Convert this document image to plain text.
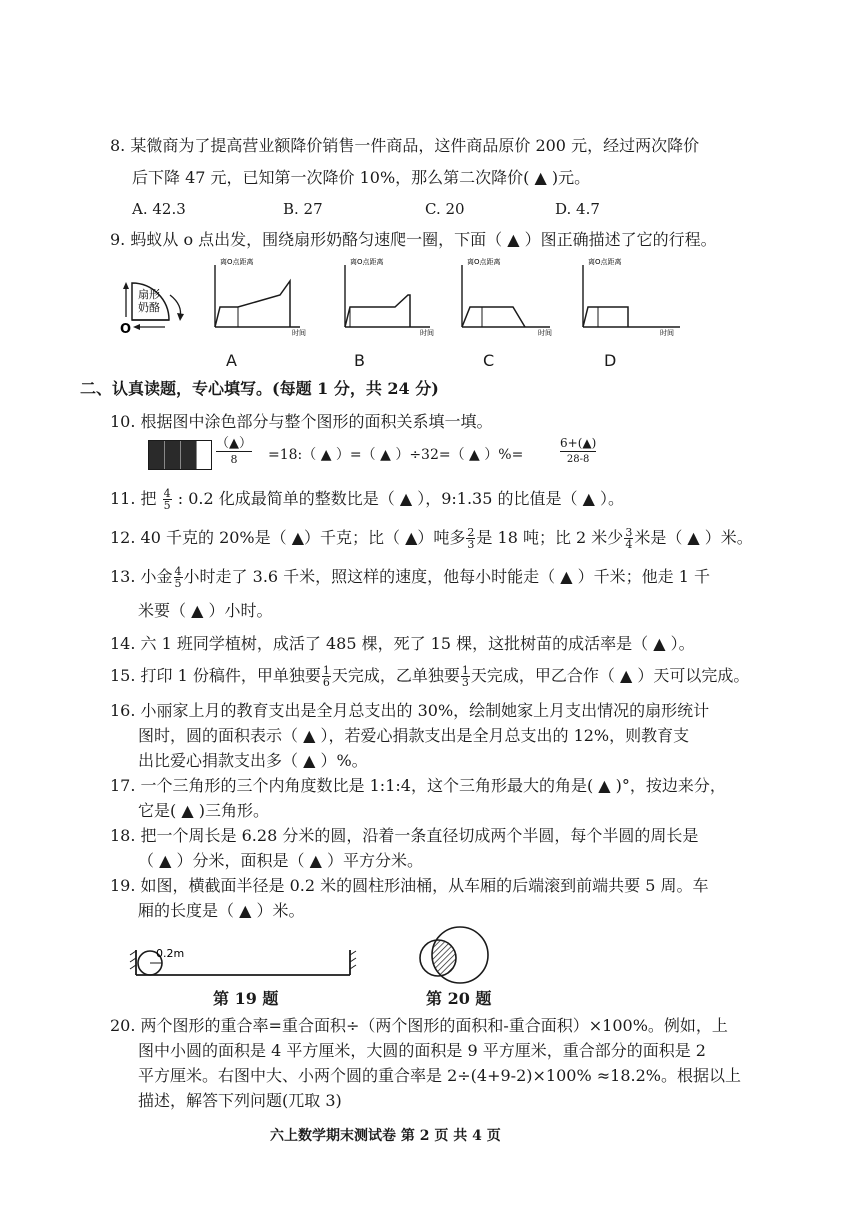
8. 某微商为了提高营业额降价销售一件商品，这件商品原价 200 元，经过两次降价
后下降 47 元，已知第一次降价 10%，那么第二次降价( ▲ )元。
A. 42.3	B. 27	C. 20	D. 4.7
9. 蚂蚁从 o 点出发，围绕扇形奶酪匀速爬一圈，下面（ ▲ ）图正确描述了它的行程。
扇形
奶酪
O
离O点距离
时间
离O点距离
时间
离O点距离
时间
离O点距离
时间
A	B	C	D
二、认真读题，专心填写。(每题 1 分，共 24 分)
10. 根据图中涂色部分与整个图形的面积关系填一填。
（▲）
8	=18:（ ▲ ）=（ ▲ ）÷32=（ ▲ ）%=
6+(▲)
28-8
11. 把 $\frac{4}{5}$ : 0.2 化成最简单的整数比是（ ▲ ），9:1.35 的比值是（ ▲ ）。
12. 40 千克的 20%是（ ▲）千克；比（ ▲）吨多 $\frac{2}{3}$ 是 18 吨；比 2 米少 $\frac{3}{4}$ 米是（ ▲ ）米。
13. 小金 $\frac{4}{5}$ 小时走了 3.6 千米，照这样的速度，他每小时能走（ ▲ ）千米；他走 1 千
米要（ ▲ ）小时。
14. 六 1 班同学植树，成活了 485 棵，死了 15 棵，这批树苗的成活率是（ ▲ ）。
15. 打印 1 份稿件，甲单独要 $\frac{1}{6}$ 天完成，乙单独要 $\frac{1}{3}$ 天完成，甲乙合作（ ▲ ）天可以完成。
16. 小丽家上月的教育支出是全月总支出的 30%，绘制她家上月支出情况的扇形统计
图时，圆的面积表示（ ▲ ），若爱心捐款支出是全月总支出的 12%，则教育支
出比爱心捐款支出多（ ▲ ）%。
17. 一个三角形的三个内角度数比是 1:1:4，这个三角形最大的角是( ▲ )°，按边来分，
它是( ▲ )三角形。
18. 把一个周长是 6.28 分米的圆，沿着一条直径切成两个半圆，每个半圆的周长是
（ ▲ ）分米，面积是（ ▲ ）平方分米。
19. 如图，横截面半径是 0.2 米的圆柱形油桶，从车厢的后端滚到前端共要 5 周。车
厢的长度是（ ▲ ）米。
0.2m
第 19 题	第 20 题
20. 两个图形的重合率=重合面积÷（两个图形的面积和-重合面积）×100%。例如，上
图中小圆的面积是 4 平方厘米，大圆的面积是 9 平方厘米，重合部分的面积是 2
平方厘米。右图中大、小两个圆的重合率是 2÷(4+9-2)×100% ≈18.2%。根据以上
描述，解答下列问题(兀取 3)
六上数学期末测试卷 第 2 页 共 4 页
